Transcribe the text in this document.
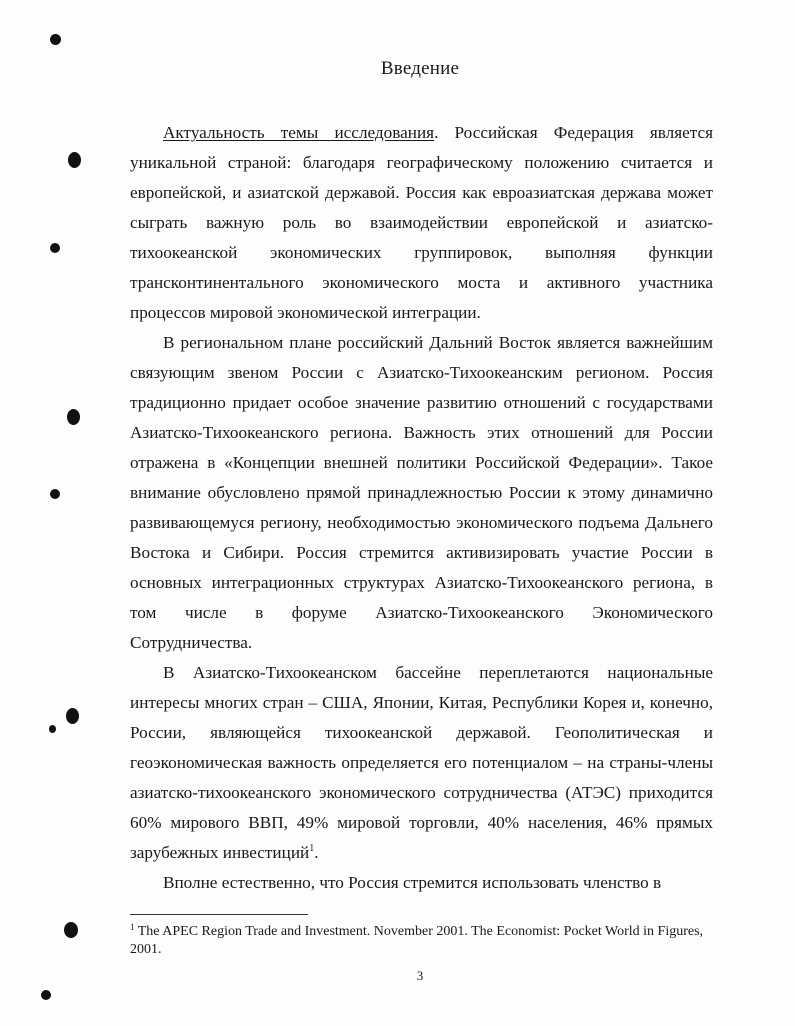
Введение

Актуальность темы исследования. Российская Федерация является уникальной страной: благодаря географическому положению считается и европейской, и азиатской державой. Россия как евроазиатская держава может сыграть важную роль во взаимодействии европейской и азиатско-тихоокеанской экономических группировок, выполняя функции трансконтинентального экономического моста и активного участника процессов мировой экономической интеграции.

В региональном плане российский Дальний Восток является важнейшим связующим звеном России с Азиатско-Тихоокеанским регионом. Россия традиционно придает особое значение развитию отношений с государствами Азиатско-Тихоокеанского региона. Важность этих отношений для России отражена в «Концепции внешней политики Российской Федерации». Такое внимание обусловлено прямой принадлежностью России к этому динамично развивающемуся региону, необходимостью экономического подъема Дальнего Востока и Сибири. Россия стремится активизировать участие России в основных интеграционных структурах Азиатско-Тихоокеанского региона, в том числе в форуме Азиатско-Тихоокеанского Экономического Сотрудничества.

В Азиатско-Тихоокеанском бассейне переплетаются национальные интересы многих стран – США, Японии, Китая, Республики Корея и, конечно, России, являющейся тихоокеанской державой. Геополитическая и геоэкономическая важность определяется его потенциалом – на страны-члены азиатско-тихоокеанского экономического сотрудничества (АТЭС) приходится 60% мирового ВВП, 49% мировой торговли, 40% населения, 46% прямых зарубежных инвестиций$^1$.

Вполне естественно, что Россия стремится использовать членство в

$^1$ The APEC Region Trade and Investment. November 2001. The Economist: Pocket World in Figures, 2001.
3
